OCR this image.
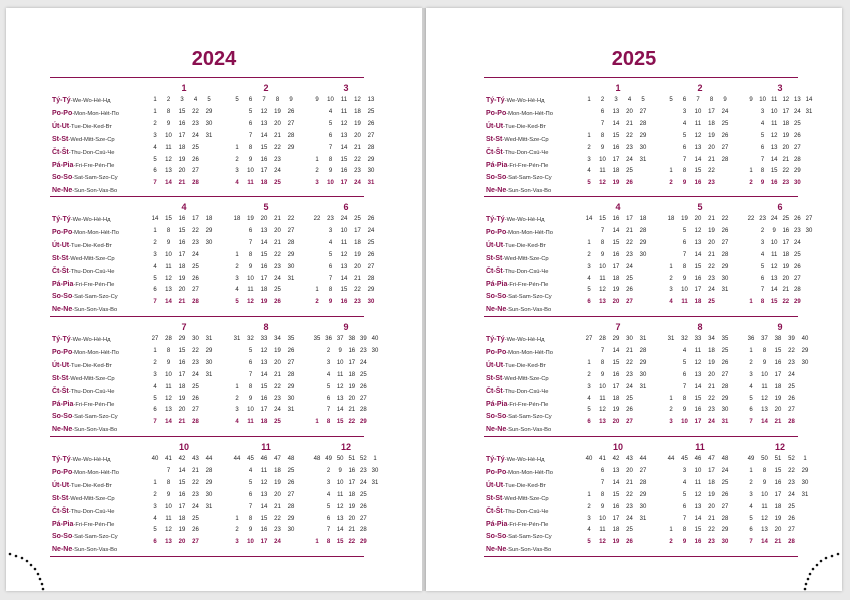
2024
Tý-Tý-We-Wo-Hé-Нд
Po-Po-Mon-Mon-Hét-По
Út-Ut-Tue-Die-Ked-Вт
St-St-Wed-Mitt-Sze-Ср
Čt-Št-Thu-Don-Csü-Че
Pá-Pia-Fri-Fre-Pén-Пе
So-So-Sat-Sam-Szo-Су
Ne-Ne-Sun-Son-Vas-Во
1
1	2	3	4	5
1	8	15	22	29
2	9	16	23	30
3	10	17	24	31
4	11	18	25
5	12	19	26
6	13	20	27
7	14	21	28
2
5	6	7	8	9
5	12	19	26
6	13	20	27
7	14	21	28
1	8	15	22	29
2	9	16	23
3	10	17	24
4	11	18	25
3
9	10	11	12	13
4	11	18	25
5	12	19	26
6	13	20	27
7	14	21	28
1	8	15	22	29
2	9	16	23	30
3	10	17	24	31
Tý-Tý-We-Wo-Hé-Нд
Po-Po-Mon-Mon-Hét-По
Út-Ut-Tue-Die-Ked-Вт
St-St-Wed-Mitt-Sze-Ср
Čt-Št-Thu-Don-Csü-Че
Pá-Pia-Fri-Fre-Pén-Пе
So-So-Sat-Sam-Szo-Су
Ne-Ne-Sun-Son-Vas-Во
4
14	15	16	17	18
1	8	15	22	29
2	9	16	23	30
3	10	17	24
4	11	18	25
5	12	19	26
6	13	20	27
7	14	21	28
5
18	19	20	21	22
6	13	20	27
7	14	21	28
1	8	15	22	29
2	9	16	23	30
3	10	17	24	31
4	11	18	25
5	12	19	26
6
22	23	24	25	26
3	10	17	24
4	11	18	25
5	12	19	26
6	13	20	27
7	14	21	28
1	8	15	22	29
2	9	16	23	30
Tý-Tý-We-Wo-Hé-Нд
Po-Po-Mon-Mon-Hét-По
Út-Ut-Tue-Die-Ked-Вт
St-St-Wed-Mitt-Sze-Ср
Čt-Št-Thu-Don-Csü-Че
Pá-Pia-Fri-Fre-Pén-Пе
So-So-Sat-Sam-Szo-Су
Ne-Ne-Sun-Son-Vas-Во
7
27	28	29	30	31
1	8	15	22	29
2	9	16	23	30
3	10	17	24	31
4	11	18	25
5	12	19	26
6	13	20	27
7	14	21	28
8
31	32	33	34	35
5	12	19	26
6	13	20	27
7	14	21	28
1	8	15	22	29
2	9	16	23	30
3	10	17	24	31
4	11	18	25
9
35 36 37 38 39 40
2	9	16 23 30
3	10 17 24
4	11 18 25
5	12 19 26
6	13 20 27
7	14 21 28
1	8	15 22 29
Tý-Tý-We-Wo-Hé-Нд
Po-Po-Mon-Mon-Hét-По
Út-Ut-Tue-Die-Ked-Вт
St-St-Wed-Mitt-Sze-Ср
Čt-Št-Thu-Don-Csü-Че
Pá-Pia-Fri-Fre-Pén-Пе
So-So-Sat-Sam-Szo-Су
Ne-Ne-Sun-Son-Vas-Во
10
40	41	42	43	44
7	14	21	28
1	8	15	22	29
2	9	16	23	30
3	10	17	24	31
4	11	18	25
5	12	19	26
6	13	20	27
11
44	45	46	47	48
4	11	18	25
5	12	19	26
6	13	20	27
7	14	21	28
1	8	15	22	29
2	9	16	23	30
3	10	17	24
12
48 49 50 51 52	1
2	9	16 23 30
3	10 17 24 31
4	11 18 25
5	12 19 26
6	13 20 27
7	14 21 28
1	8	15 22 29
2025
Tý-Tý-We-Wo-Hé-Нд
Po-Po-Mon-Mon-Hét-По
Út-Ut-Tue-Die-Ked-Вт
St-St-Wed-Mitt-Sze-Ср
Čt-Št-Thu-Don-Csü-Че
Pá-Pia-Fri-Fre-Pén-Пе
So-So-Sat-Sam-Szo-Су
Ne-Ne-Sun-Son-Vas-Во
1
1	2	3	4	5
6	13	20	27
7	14	21	28
1	8	15	22	29
2	9	16	23	30
3	10	17	24	31
4	11	18	25
5	12	19	26
2
5	6	7	8	9
3	10	17	24
4	11	18	25
5	12	19	26
6	13	20	27
7	14	21	28
1	8	15	22
2	9	16	23
3
9	10 11 12 13 14
3	10 17 24 31
4	11 18 25
5	12 19 26
6	13 20 27
7	14 21 28
1	8	15 22 29
2	9	16 23 30
Tý-Tý-We-Wo-Hé-Нд
Po-Po-Mon-Mon-Hét-По
Út-Ut-Tue-Die-Ked-Вт
St-St-Wed-Mitt-Sze-Ср
Čt-Št-Thu-Don-Csü-Че
Pá-Pia-Fri-Fre-Pén-Пе
So-So-Sat-Sam-Szo-Су
Ne-Ne-Sun-Son-Vas-Во
4
14	15	16	17	18
7	14	21	28
1	8	15	22	29
2	9	16	23	30
3	10	17	24
4	11	18	25
5	12	19	26
6	13	20	27
5
18	19	20	21	22
5	12	19	26
6	13	20	27
7	14	21	28
1	8	15	22	29
2	9	16	23	30
3	10	17	24	31
4	11	18	25
6
22 23 24 25 26 27
2	9	16 23 30
3	10 17 24
4	11 18 25
5	12 19 26
6	13 20 27
7	14 21 28
1	8	15 22 29
Tý-Tý-We-Wo-Hé-Нд
Po-Po-Mon-Mon-Hét-По
Út-Ut-Tue-Die-Ked-Вт
St-St-Wed-Mitt-Sze-Ср
Čt-Št-Thu-Don-Csü-Че
Pá-Pia-Fri-Fre-Pén-Пе
So-So-Sat-Sam-Szo-Су
Ne-Ne-Sun-Son-Vas-Во
7
27	28	29	30	31
7	14	21	28
1	8	15	22	29
2	9	16	23	30
3	10	17	24	31
4	11	18	25
5	12	19	26
6	13	20	27
8
31	32	33	34	35
4	11	18	25
5	12	19	26
6	13	20	27
7	14	21	28
1	8	15	22	29
2	9	16	23	30
3	10	17	24	31
9
36	37	38	39	40
1	8	15	22	29
2	9	16	23	30
3	10	17	24
4	11	18	25
5	12	19	26
6	13	20	27
7	14	21	28
Tý-Tý-We-Wo-Hé-Нд
Po-Po-Mon-Mon-Hét-По
Út-Ut-Tue-Die-Ked-Вт
St-St-Wed-Mitt-Sze-Ср
Čt-Št-Thu-Don-Csü-Че
Pá-Pia-Fri-Fre-Pén-Пе
So-So-Sat-Sam-Szo-Су
Ne-Ne-Sun-Son-Vas-Во
10
40	41	42	43	44
6	13	20	27
7	14	21	28
1	8	15	22	29
2	9	16	23	30
3	10	17	24	31
4	11	18	25
5	12	19	26
11
44	45	46	47	48
3	10	17	24
4	11	18	25
5	12	19	26
6	13	20	27
7	14	21	28
1	8	15	22	29
2	9	16	23	30
12
49	50	51	52	1
1	8	15	22	29
2	9	16	23	30
3	10	17	24	31
4	11	18	25
5	12	19	26
6	13	20	27
7	14	21	28
